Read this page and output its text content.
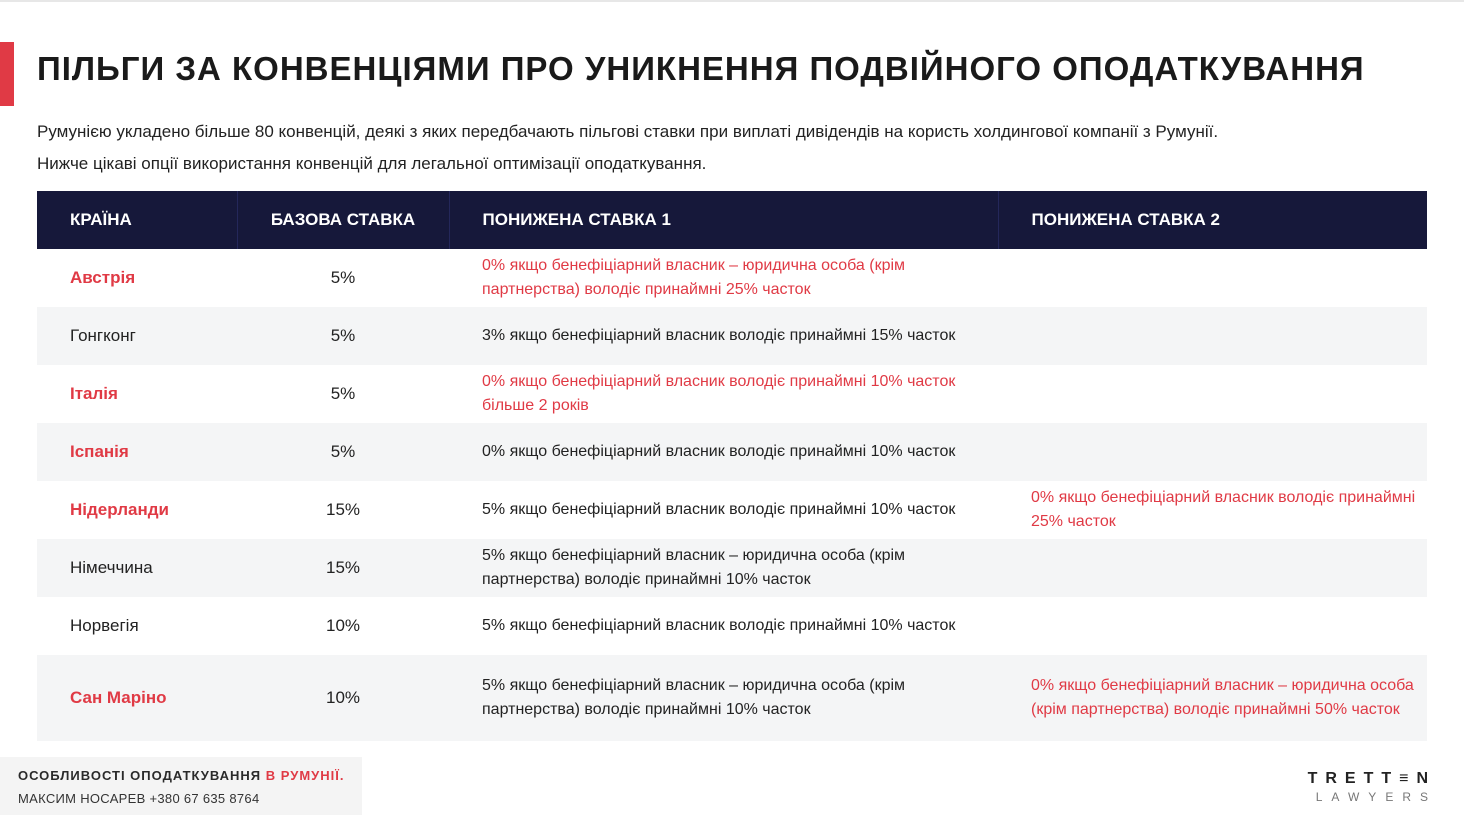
ПІЛЬГИ ЗА КОНВЕНЦІЯМИ ПРО УНИКНЕННЯ ПОДВІЙНОГО ОПОДАТКУВАННЯ

Румунією укладено більше 80 конвенцій, деякі з яких передбачають пільгові ставки при виплаті дивідендів на користь холдингової компанії з Румунії.

Нижче цікаві опції використання конвенцій для легальної оптимізації оподаткування.

КРАЇНА	БАЗОВА СТАВКА	ПОНИЖЕНА СТАВКА 1	ПОНИЖЕНА СТАВКА 2
Австрія	5%	0% якщо бенефіціарний власник – юридична особа (крім партнерства) володіє принаймні 25% часток	
Гонгконг	5%	3% якщо бенефіціарний власник володіє принаймні 15% часток	
Італія	5%	0% якщо бенефіціарний власник володіє принаймні 10% часток більше 2 років	
Іспанія	5%	0% якщо бенефіціарний власник володіє принаймні 10% часток	
Нідерланди	15%	5% якщо бенефіціарний власник володіє принаймні 10% часток	0% якщо бенефіціарний власник володіє принаймні 25% часток
Німеччина	15%	5% якщо бенефіціарний власник – юридична особа (крім партнерства) володіє принаймні 10% часток	
Норвегія	10%	5% якщо бенефіціарний власник володіє принаймні 10% часток	
Сан Маріно	10%	5% якщо бенефіціарний власник – юридична особа (крім партнерства) володіє принаймні 10% часток	0% якщо бенефіціарний власник – юридична особа (крім партнерства) володіє принаймні 50% часток
ОСОБЛИВОСТІ ОПОДАТКУВАННЯ В РУМУНІЇ.
МАКСИМ НОСАРЕВ +380 67 635 8764
TRETT≡N
LAWYERS
